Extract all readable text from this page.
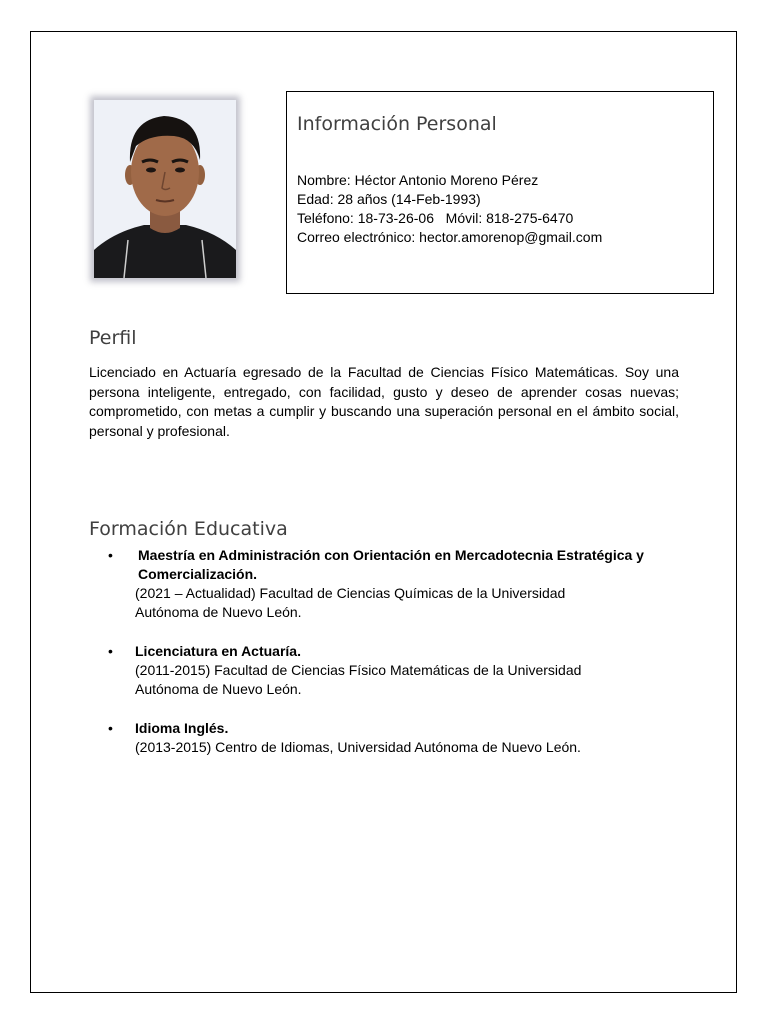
Información Personal
Nombre: Héctor Antonio Moreno Pérez
Edad: 28 años (14-Feb-1993)
Teléfono: 18-73-26-06   Móvil: 818-275-6470
Correo electrónico: hector.amorenop@gmail.com
Perfil
Licenciado en Actuaría egresado de la Facultad de Ciencias Físico Matemáticas. Soy una persona inteligente, entregado, con facilidad, gusto y deseo de aprender cosas nuevas; comprometido, con metas a cumplir y buscando una superación personal en el ámbito social, personal y profesional.
Formación Educativa
• Maestría en Administración con Orientación en Mercadotecnia Estratégica y Comercialización.
(2021 – Actualidad) Facultad de Ciencias Químicas de la Universidad
Autónoma de Nuevo León.
• Licenciatura en Actuaría.
(2011-2015) Facultad de Ciencias Físico Matemáticas de la Universidad
Autónoma de Nuevo León.
• Idioma Inglés.
(2013-2015) Centro de Idiomas, Universidad Autónoma de Nuevo León.
